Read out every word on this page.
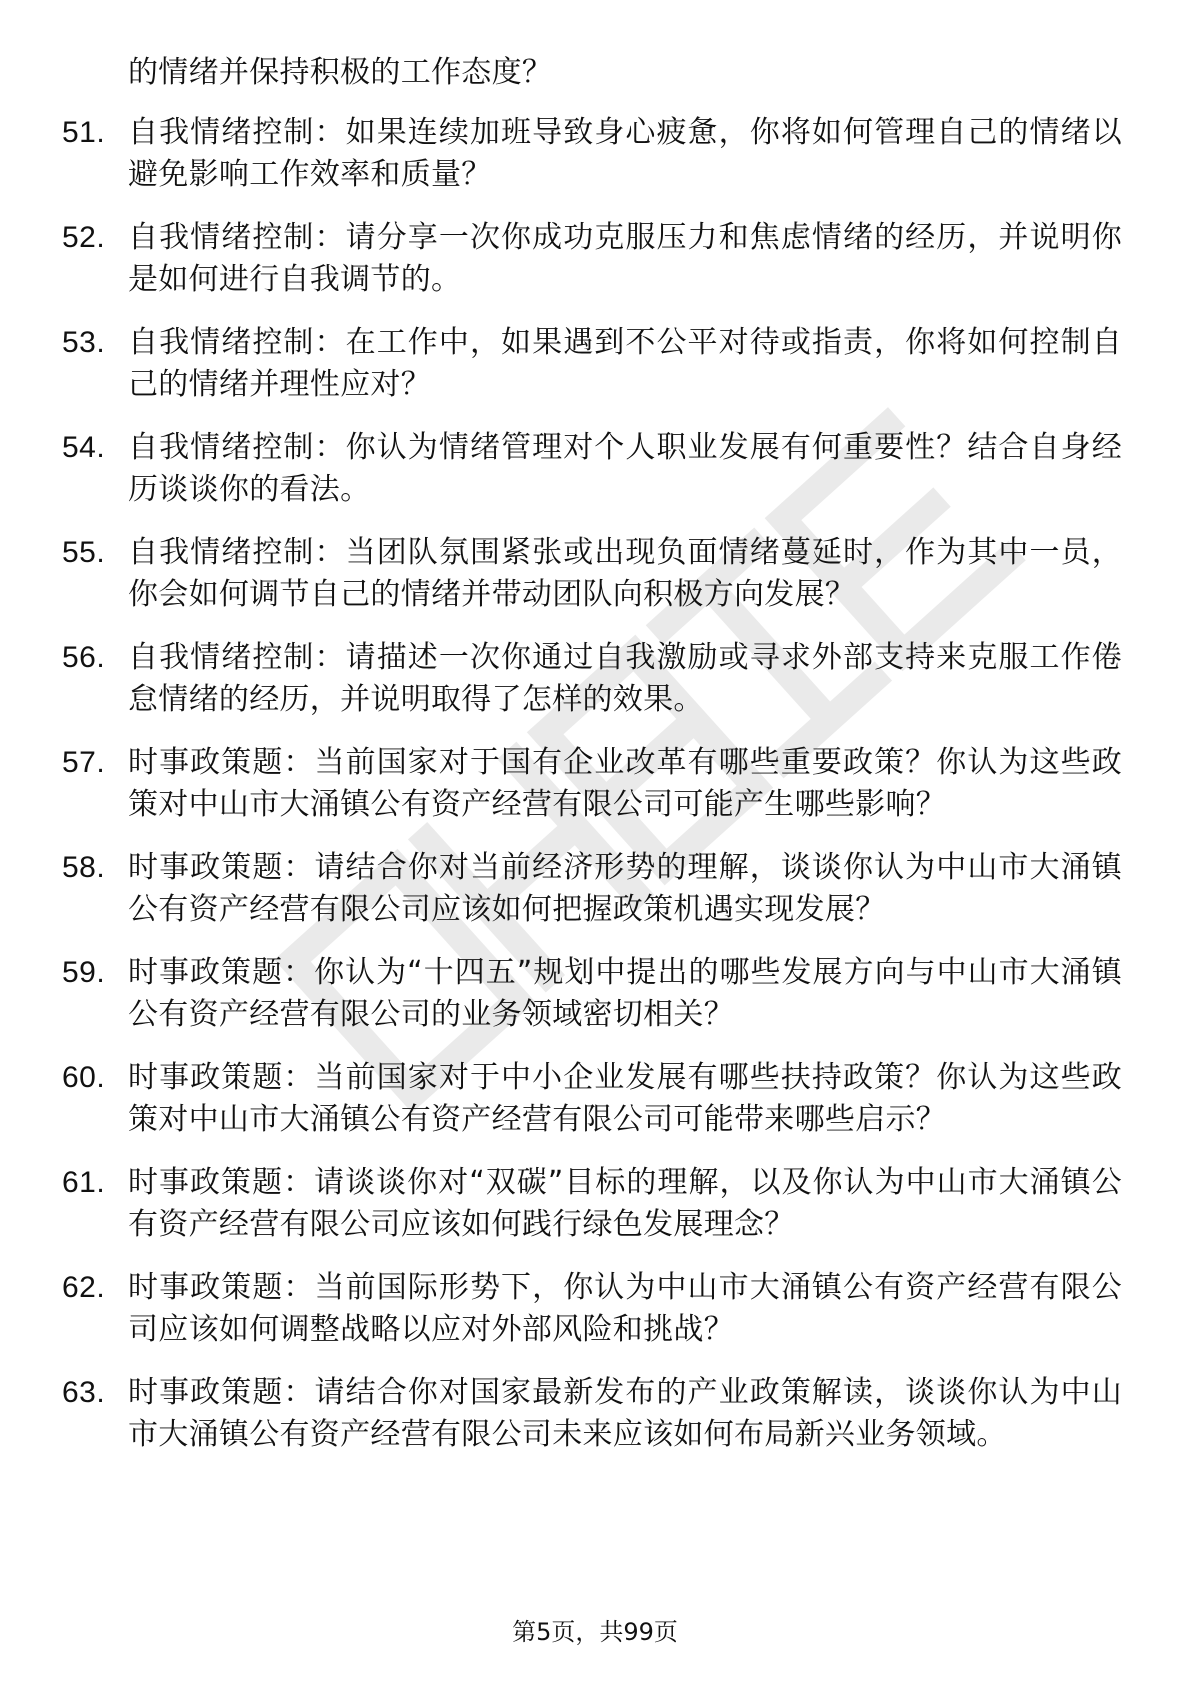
的情绪并保持积极的工作态度？

51. 自我情绪控制：如果连续加班导致身心疲惫，你将如何管理自己的情绪以避免影响工作效率和质量？
52. 自我情绪控制：请分享一次你成功克服压力和焦虑情绪的经历，并说明你是如何进行自我调节的。
53. 自我情绪控制：在工作中，如果遇到不公平对待或指责，你将如何控制自己的情绪并理性应对？
54. 自我情绪控制：你认为情绪管理对个人职业发展有何重要性？结合自身经历谈谈你的看法。
55. 自我情绪控制：当团队氛围紧张或出现负面情绪蔓延时，作为其中一员，你会如何调节自己的情绪并带动团队向积极方向发展？
56. 自我情绪控制：请描述一次你通过自我激励或寻求外部支持来克服工作倦怠情绪的经历，并说明取得了怎样的效果。
57. 时事政策题：当前国家对于国有企业改革有哪些重要政策？你认为这些政策对中山市大涌镇公有资产经营有限公司可能产生哪些影响？
58. 时事政策题：请结合你对当前经济形势的理解，谈谈你认为中山市大涌镇公有资产经营有限公司应该如何把握政策机遇实现发展？
59. 时事政策题：你认为“十四五”规划中提出的哪些发展方向与中山市大涌镇公有资产经营有限公司的业务领域密切相关？
60. 时事政策题：当前国家对于中小企业发展有哪些扶持政策？你认为这些政策对中山市大涌镇公有资产经营有限公司可能带来哪些启示？
61. 时事政策题：请谈谈你对“双碳”目标的理解，以及你认为中山市大涌镇公有资产经营有限公司应该如何践行绿色发展理念？
62. 时事政策题：当前国际形势下，你认为中山市大涌镇公有资产经营有限公司应该如何调整战略以应对外部风险和挑战？
63. 时事政策题：请结合你对国家最新发布的产业政策解读，谈谈你认为中山市大涌镇公有资产经营有限公司未来应该如何布局新兴业务领域。
第5页，共99页
